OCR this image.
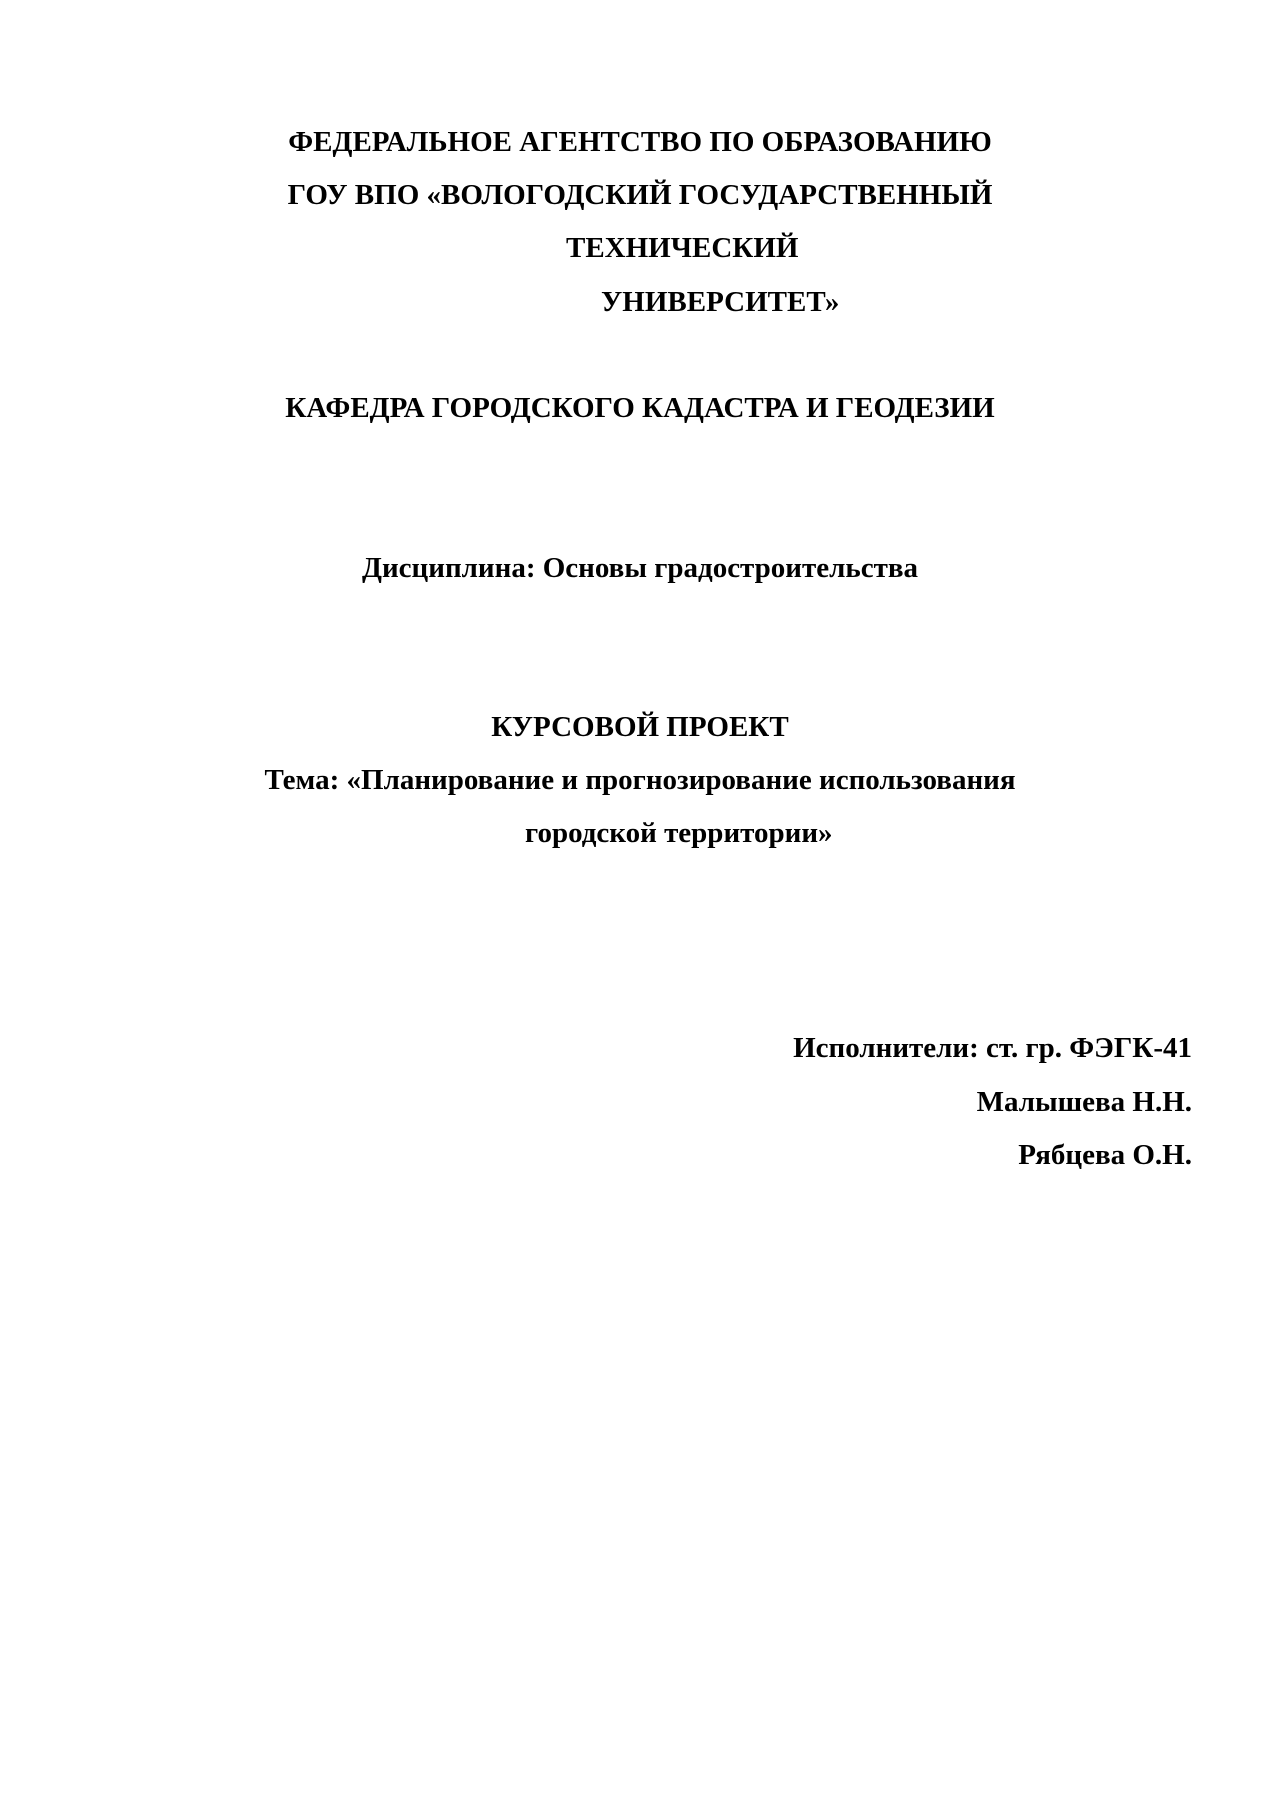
ФЕДЕРАЛЬНОЕ АГЕНТСТВО ПО ОБРАЗОВАНИЮ
ГОУ ВПО «ВОЛОГОДСКИЙ ГОСУДАРСТВЕННЫЙ
ТЕХНИЧЕСКИЙ
УНИВЕРСИТЕТ»
КАФЕДРА ГОРОДСКОГО КАДАСТРА И ГЕОДЕЗИИ
Дисциплина: Основы градостроительства
КУРСОВОЙ ПРОЕКТ
Тема: «Планирование и прогнозирование использования
городской территории»
Исполнители: ст. гр. ФЭГК-41
Малышева Н.Н.
Рябцева О.Н.
